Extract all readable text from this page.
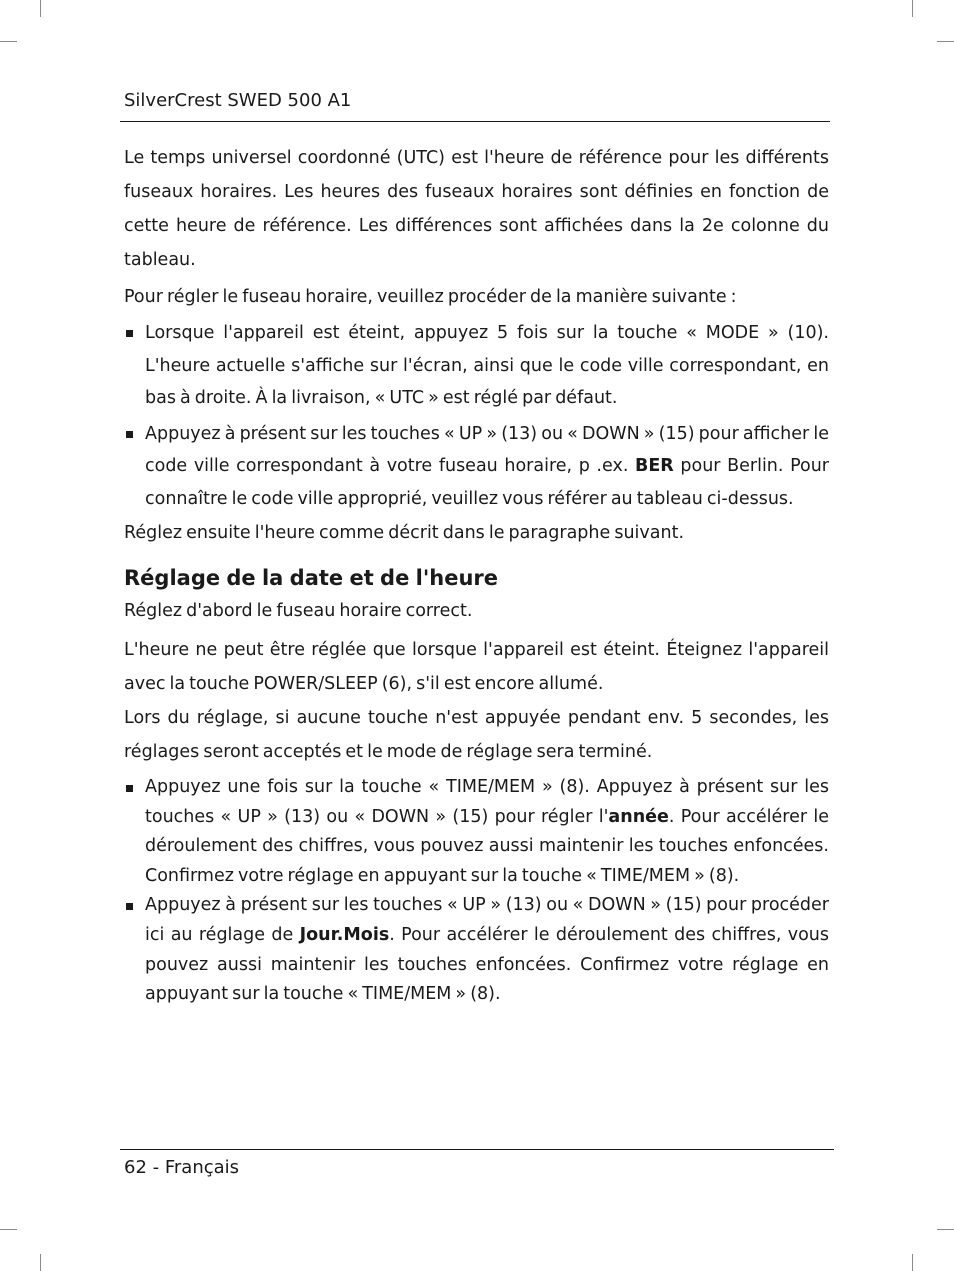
SilverCrest SWED 500 A1

Le temps universel coordonné (UTC) est l'heure de référence pour les différents fuseaux horaires. Les heures des fuseaux horaires sont définies en fonction de cette heure de référence. Les différences sont affichées dans la 2e colonne du tableau.

Pour régler le fuseau horaire, veuillez procéder de la manière suivante :

Lorsque l'appareil est éteint, appuyez 5 fois sur la touche « MODE » (10). L'heure actuelle s'affiche sur l'écran, ainsi que le code ville correspondant, en bas à droite. À la livraison, « UTC » est réglé par défaut.

Appuyez à présent sur les touches « UP » (13) ou « DOWN » (15) pour afficher le code ville correspondant à votre fuseau horaire, p .ex. BER pour Berlin. Pour connaître le code ville approprié, veuillez vous référer au tableau ci-dessus.

Réglez ensuite l'heure comme décrit dans le paragraphe suivant.

Réglage de la date et de l'heure

Réglez d'abord le fuseau horaire correct.

L'heure ne peut être réglée que lorsque l'appareil est éteint. Éteignez l'appareil avec la touche POWER/SLEEP (6), s'il est encore allumé.

Lors du réglage, si aucune touche n'est appuyée pendant env. 5 secondes, les réglages seront acceptés et le mode de réglage sera terminé.

Appuyez une fois sur la touche « TIME/MEM » (8). Appuyez à présent sur les touches « UP » (13) ou « DOWN » (15) pour régler l'année. Pour accélérer le déroulement des chiffres, vous pouvez aussi maintenir les touches enfoncées. Confirmez votre réglage en appuyant sur la touche « TIME/MEM » (8).

Appuyez à présent sur les touches « UP » (13) ou « DOWN » (15) pour procéder ici au réglage de Jour.Mois. Pour accélérer le déroulement des chiffres, vous pouvez aussi maintenir les touches enfoncées. Confirmez votre réglage en appuyant sur la touche « TIME/MEM » (8).

62 - Français
